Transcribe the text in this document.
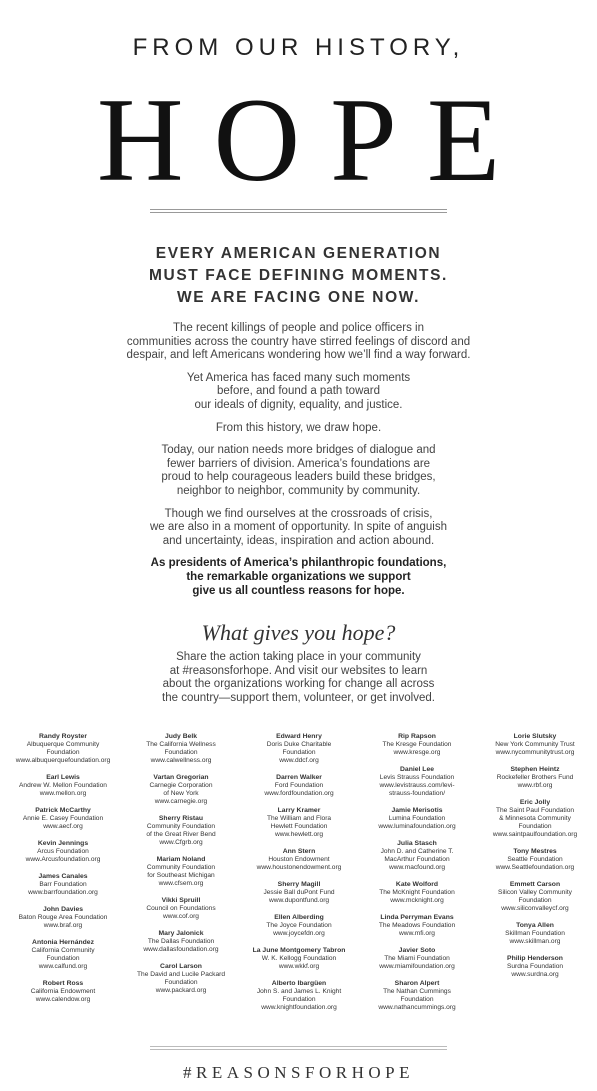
FROM OUR HISTORY,
HOPE
EVERY AMERICAN GENERATION
MUST FACE DEFINING MOMENTS.
WE ARE FACING ONE NOW.

The recent killings of people and police officers in
communities across the country have stirred feelings of discord and
despair, and left Americans wondering how we’ll find a way forward.

Yet America has faced many such moments
before, and found a path toward
our ideals of dignity, equality, and justice.

From this history, we draw hope.

Today, our nation needs more bridges of dialogue and
fewer barriers of division. America’s foundations are
proud to help courageous leaders build these bridges,
neighbor to neighbor, community by community.

Though we find ourselves at the crossroads of crisis,
we are also in a moment of opportunity. In spite of anguish
and uncertainty, ideas, inspiration and action abound.

As presidents of America’s philanthropic foundations,
the remarkable organizations we support
give us all countless reasons for hope.

What gives you hope?
Share the action taking place in your community
at #reasonsforhope. And visit our websites to learn
about the organizations working for change all across
the country—support them, volunteer, or get involved.
Randy Royster
Albuquerque Community
Foundation
www.albuquerquefoundation.org
Earl Lewis
Andrew W. Mellon Foundation
www.mellon.org
Patrick McCarthy
Annie E. Casey Foundation
www.aecf.org
Kevin Jennings
Arcus Foundation
www.Arcusfoundation.org
James Canales
Barr Foundation
www.barrfoundation.org
John Davies
Baton Rouge Area Foundation
www.braf.org
Antonia Hernández
California Community
Foundation
www.calfund.org
Robert Ross
California Endowment
www.calendow.org
Judy Belk
The California Wellness
Foundation
www.calwellness.org
Vartan Gregorian
Carnegie Corporation
of New York
www.carnegie.org
Sherry Ristau
Community Foundation
of the Great River Bend
www.Cfgrb.org
Mariam Noland
Community Foundation
for Southeast Michigan
www.cfsem.org
Vikki Spruill
Council on Foundations
www.cof.org
Mary Jalonick
The Dallas Foundation
www.dallasfoundation.org
Carol Larson
The David and Lucile Packard
Foundation
www.packard.org
Edward Henry
Doris Duke Charitable
Foundation
www.ddcf.org
Darren Walker
Ford Foundation
www.fordfoundation.org
Larry Kramer
The William and Flora
Hewlett Foundation
www.hewlett.org
Ann Stern
Houston Endowment
www.houstonendowment.org
Sherry Magill
Jessie Ball duPont Fund
www.dupontfund.org
Ellen Alberding
The Joyce Foundation
www.joycefdn.org
La June Montgomery Tabron
W. K. Kellogg Foundation
www.wkkf.org
Alberto Ibargüen
John S. and James L. Knight
Foundation
www.knightfoundation.org
Rip Rapson
The Kresge Foundation
www.kresge.org
Daniel Lee
Levis Strauss Foundation
www.levistrauss.com/levi-
strauss-foundation/
Jamie Merisotis
Lumina Foundation
www.luminafoundation.org
Julia Stasch
John D. and Catherine T.
MacArthur Foundation
www.macfound.org
Kate Wolford
The McKnight Foundation
www.mcknight.org
Linda Perryman Evans
The Meadows Foundation
www.mfi.org
Javier Soto
The Miami Foundation
www.miamifoundation.org
Sharon Alpert
The Nathan Cummings
Foundation
www.nathancummings.org
Lorie Slutsky
New York Community Trust
www.nycommunitytrust.org
Stephen Heintz
Rockefeller Brothers Fund
www.rbf.org
Eric Jolly
The Saint Paul Foundation
& Minnesota Community
Foundation
www.saintpaulfoundation.org
Tony Mestres
Seattle Foundation
www.Seattlefoundation.org
Emmett Carson
Silicon Valley Community
Foundation
www.siliconvalleycf.org
Tonya Allen
Skillman Foundation
www.skillman.org
Philip Henderson
Surdna Foundation
www.surdna.org
#REASONSFORHOPE
